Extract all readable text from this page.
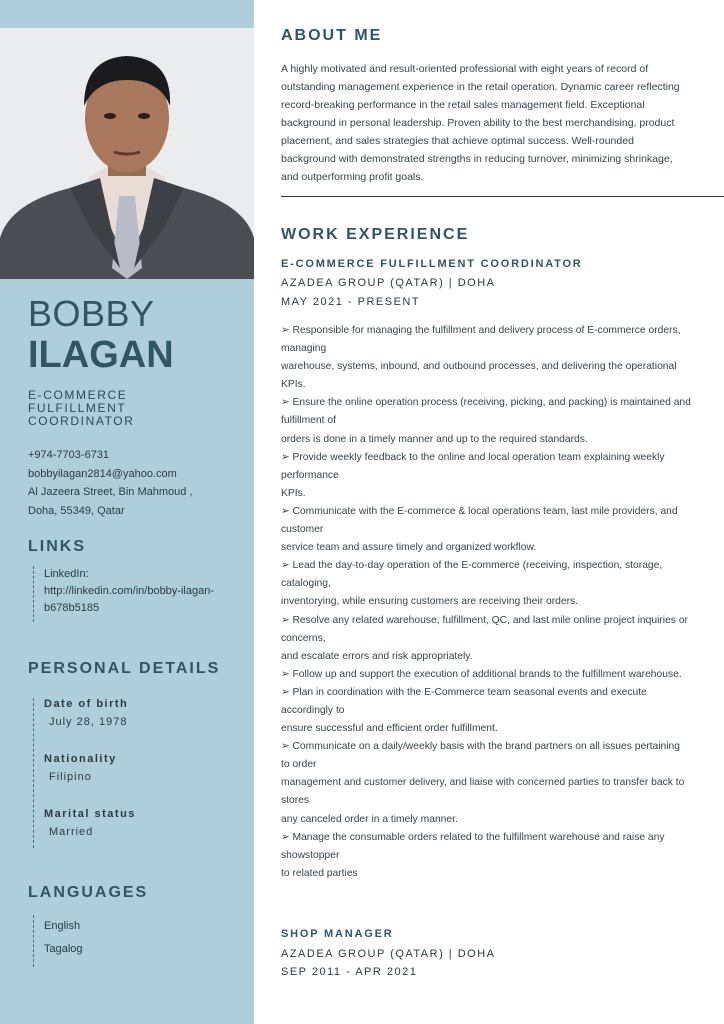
BOBBY
ILAGAN
E-COMMERCE FULFILLMENT COORDINATOR
+974-7703-6731
bobbyilagan2814@yahoo.com
Al Jazeera Street, Bin Mahmoud ,
Doha, 55349, Qatar
LINKS
LinkedIn:
http://linkedin.com/in/bobby-ilagan-
b678b5185
PERSONAL DETAILS
Date of birth
July 28, 1978
Nationality
Filipino
Marital status
Married
LANGUAGES
English
Tagalog
ABOUT ME
A highly motivated and result-oriented professional with eight years of record of outstanding management experience in the retail operation. Dynamic career reflecting record-breaking performance in the retail sales management field. Exceptional background in personal leadership. Proven ability to the best merchandising, product placement, and sales strategies that achieve optimal success. Well-rounded background with demonstrated strengths in reducing turnover, minimizing shrinkage, and outperforming profit goals.
WORK EXPERIENCE
E-COMMERCE FULFILLMENT COORDINATOR
AZADEA GROUP (QATAR) | DOHA
MAY 2021 - PRESENT
➢ Responsible for managing the fulfillment and delivery process of E-commerce orders, managing
warehouse, systems, inbound, and outbound processes, and delivering the operational KPIs.
➢ Ensure the online operation process (receiving, picking, and packing) is maintained and fulfillment of
orders is done in a timely manner and up to the required standards.
➢ Provide weekly feedback to the online and local operation team explaining weekly performance
KPIs.
➢ Communicate with the E-commerce & local operations team, last mile providers, and customer
service team and assure timely and organized workflow.
➢ Lead the day-to-day operation of the E-commerce (receiving, inspection, storage, cataloging,
inventorying, while ensuring customers are receiving their orders.
➢ Resolve any related warehouse, fulfillment, QC, and last mile online project inquiries or concerns,
and escalate errors and risk appropriately.
➢ Follow up and support the execution of additional brands to the fulfillment warehouse.
➢ Plan in coordination with the E-Commerce team seasonal events and execute accordingly to
ensure successful and efficient order fulfillment.
➢ Communicate on a daily/weekly basis with the brand partners on all issues pertaining to order
management and customer delivery, and liaise with concerned parties to transfer back to stores
any canceled order in a timely manner.
➢ Manage the consumable orders related to the fulfillment warehouse and raise any showstopper
to related parties
SHOP MANAGER
AZADEA GROUP (QATAR) | DOHA
SEP 2011 - APR 2021
